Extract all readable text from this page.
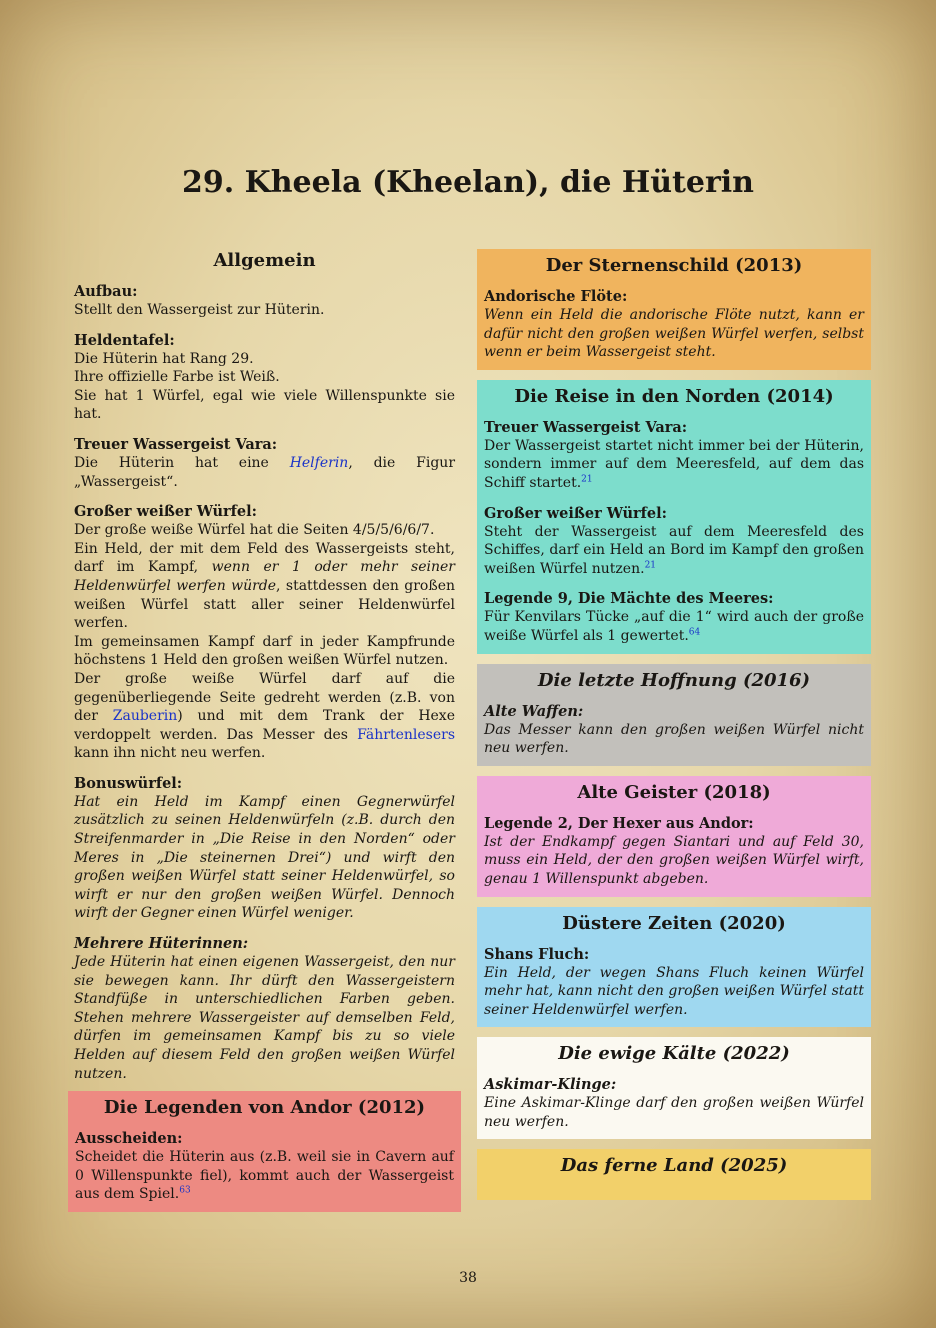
29. Kheela (Kheelan), die Hüterin
Allgemein

Aufbau:

Stellt den Wassergeist zur Hüterin.

Heldentafel:

Die Hüterin hat Rang 29.

Ihre offizielle Farbe ist Weiß.

Sie hat 1 Würfel, egal wie viele Willenspunkte sie hat.

Treuer Wassergeist Vara:

Die Hüterin hat eine Helferin, die Figur „Wassergeist“.

Großer weißer Würfel:

Der große weiße Würfel hat die Seiten 4/5/5/6/6/7.

Ein Held, der mit dem Feld des Wassergeists steht, darf im Kampf, wenn er 1 oder mehr seiner Heldenwürfel werfen würde, stattdessen den großen weißen Würfel statt aller seiner Heldenwürfel werfen.

Im gemeinsamen Kampf darf in jeder Kampfrunde höchstens 1 Held den großen weißen Würfel nutzen.

Der große weiße Würfel darf auf die gegenüberliegende Seite gedreht werden (z.B. von der Zauberin) und mit dem Trank der Hexe verdoppelt werden. Das Messer des Fährtenlesers kann ihn nicht neu werfen.

Bonuswürfel:

Hat ein Held im Kampf einen Gegnerwürfel zusätzlich zu seinen Heldenwürfeln (z.B. durch den Streifenmarder in „Die Reise in den Norden“ oder Meres in „Die steinernen Drei“) und wirft den großen weißen Würfel statt seiner Heldenwürfel, so wirft er nur den großen weißen Würfel. Dennoch wirft der Gegner einen Würfel weniger.

Mehrere Hüterinnen:

Jede Hüterin hat einen eigenen Wassergeist, den nur sie bewegen kann. Ihr dürft den Wassergeistern Standfüße in unterschiedlichen Farben geben. Stehen mehrere Wassergeister auf demselben Feld, dürfen im gemeinsamen Kampf bis zu so viele Helden auf diesem Feld den großen weißen Würfel nutzen.

Die Legenden von Andor (2012)

Ausscheiden:

Scheidet die Hüterin aus (z.B. weil sie in Cavern auf 0 Willenspunkte fiel), kommt auch der Wassergeist aus dem Spiel.$^{63}$

Der Sternenschild (2013)

Andorische Flöte:

Wenn ein Held die andorische Flöte nutzt, kann er dafür nicht den großen weißen Würfel werfen, selbst wenn er beim Wassergeist steht.

Die Reise in den Norden (2014)

Treuer Wassergeist Vara:

Der Wassergeist startet nicht immer bei der Hüterin, sondern immer auf dem Meeresfeld, auf dem das Schiff startet.$^{21}$

Großer weißer Würfel:

Steht der Wassergeist auf dem Meeresfeld des Schiffes, darf ein Held an Bord im Kampf den großen weißen Würfel nutzen.$^{21}$

Legende 9, Die Mächte des Meeres:

Für Kenvilars Tücke „auf die 1“ wird auch der große weiße Würfel als 1 gewertet.$^{64}$

Die letzte Hoffnung (2016)

Alte Waffen:

Das Messer kann den großen weißen Würfel nicht neu werfen.

Alte Geister (2018)

Legende 2, Der Hexer aus Andor:

Ist der Endkampf gegen Siantari und auf Feld 30, muss ein Held, der den großen weißen Würfel wirft, genau 1 Willenspunkt abgeben.

Düstere Zeiten (2020)

Shans Fluch:

Ein Held, der wegen Shans Fluch keinen Würfel mehr hat, kann nicht den großen weißen Würfel statt seiner Heldenwürfel werfen.

Die ewige Kälte (2022)

Askimar-Klinge:

Eine Askimar-Klinge darf den großen weißen Würfel neu werfen.

Das ferne Land (2025)
38
